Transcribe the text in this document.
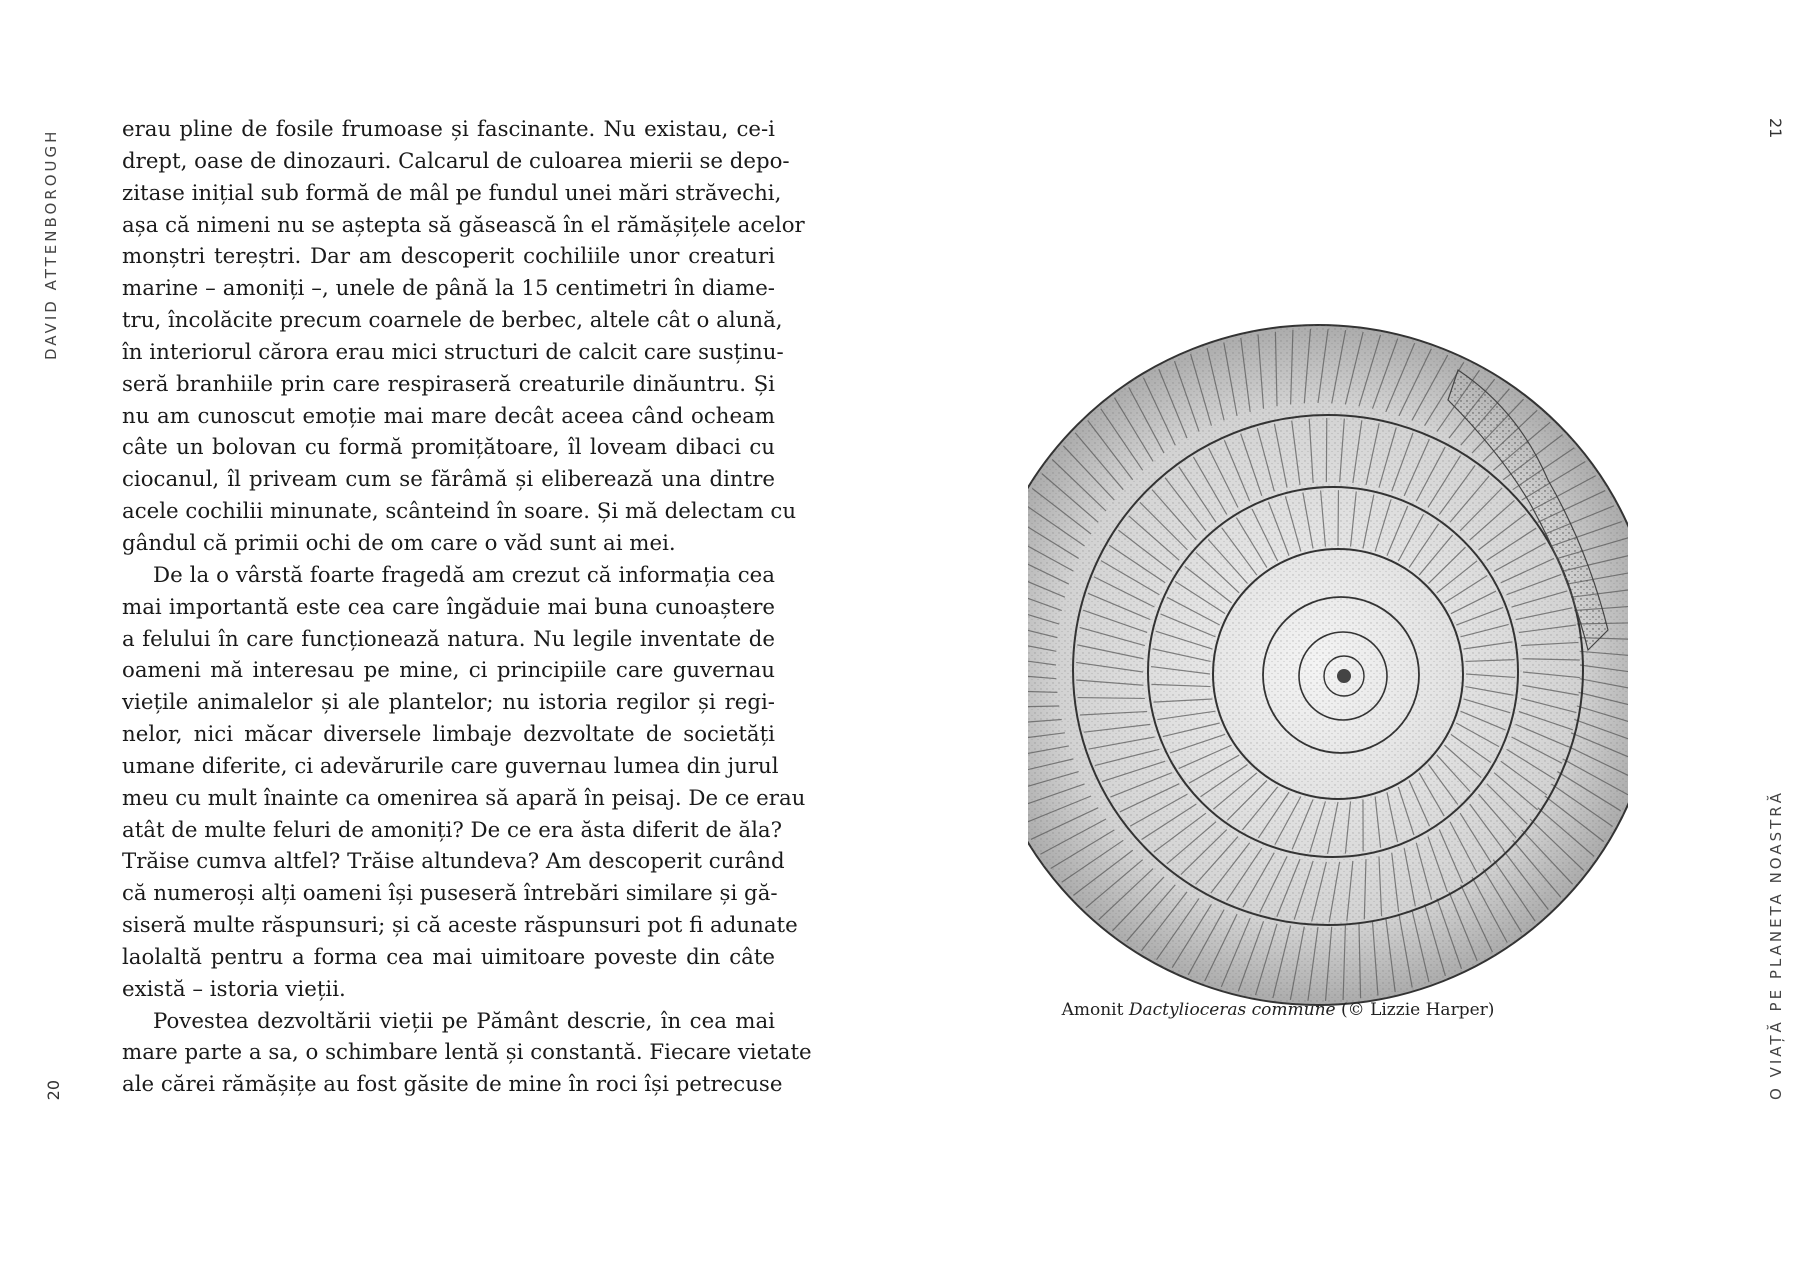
DAVID ATTENBOROUGH	erau pline de fosile frumoase și fascinante. Nu existau, ce-i
drept, oase de dinozauri. Calcarul de culoarea mierii se depo-
zitase inițial sub formă de mâl pe fundul unei mări străvechi,
așa că nimeni nu se aștepta să găsească în el rămășițele acelor
monștri tereștri. Dar am descoperit cochiliile unor creaturi
marine – amoniți –, unele de până la 15 centimetri în diame-
tru, încolăcite precum coarnele de berbec, altele cât o alună,
în interiorul cărora erau mici structuri de calcit care susținu-
seră branhiile prin care respiraseră creaturile dinăuntru. Și
nu am cunoscut emoție mai mare decât aceea când ocheam
câte un bolovan cu formă promițătoare, îl loveam dibaci cu
ciocanul, îl priveam cum se fărâmă și eliberează una dintre
acele cochilii minunate, scânteind în soare. Și mă delectam cu
gândul că primii ochi de om care o văd sunt ai mei.
De la o vârstă foarte fragedă am crezut că informația cea
mai importantă este cea care îngăduie mai buna cunoaștere
a felului în care funcționează natura. Nu legile inventate de
oameni mă interesau pe mine, ci principiile care guvernau
viețile animalelor și ale plantelor; nu istoria regilor și regi-
nelor, nici măcar diversele limbaje dezvoltate de societăți
umane diferite, ci adevărurile care guvernau lumea din jurul
meu cu mult înainte ca omenirea să apară în peisaj. De ce erau
atât de multe feluri de amoniți? De ce era ăsta diferit de ăla?
Trăise cumva altfel? Trăise altundeva? Am descoperit curând
că numeroși alți oameni își puseseră întrebări similare și gă-
siseră multe răspunsuri; și că aceste răspunsuri pot fi adunate
laolaltă pentru a forma cea mai uimitoare poveste din câte
există – istoria vieții.
Povestea dezvoltării vieții pe Pământ descrie, în cea mai
mare parte a sa, o schimbare lentă și constantă. Fiecare vietate
ale cărei rămășițe au fost găsite de mine în roci își petrecuse
20
21
O VIAȚĂ PE PLANETA NOASTRĂ
Amonit Dactylioceras commune (© Lizzie Harper)
